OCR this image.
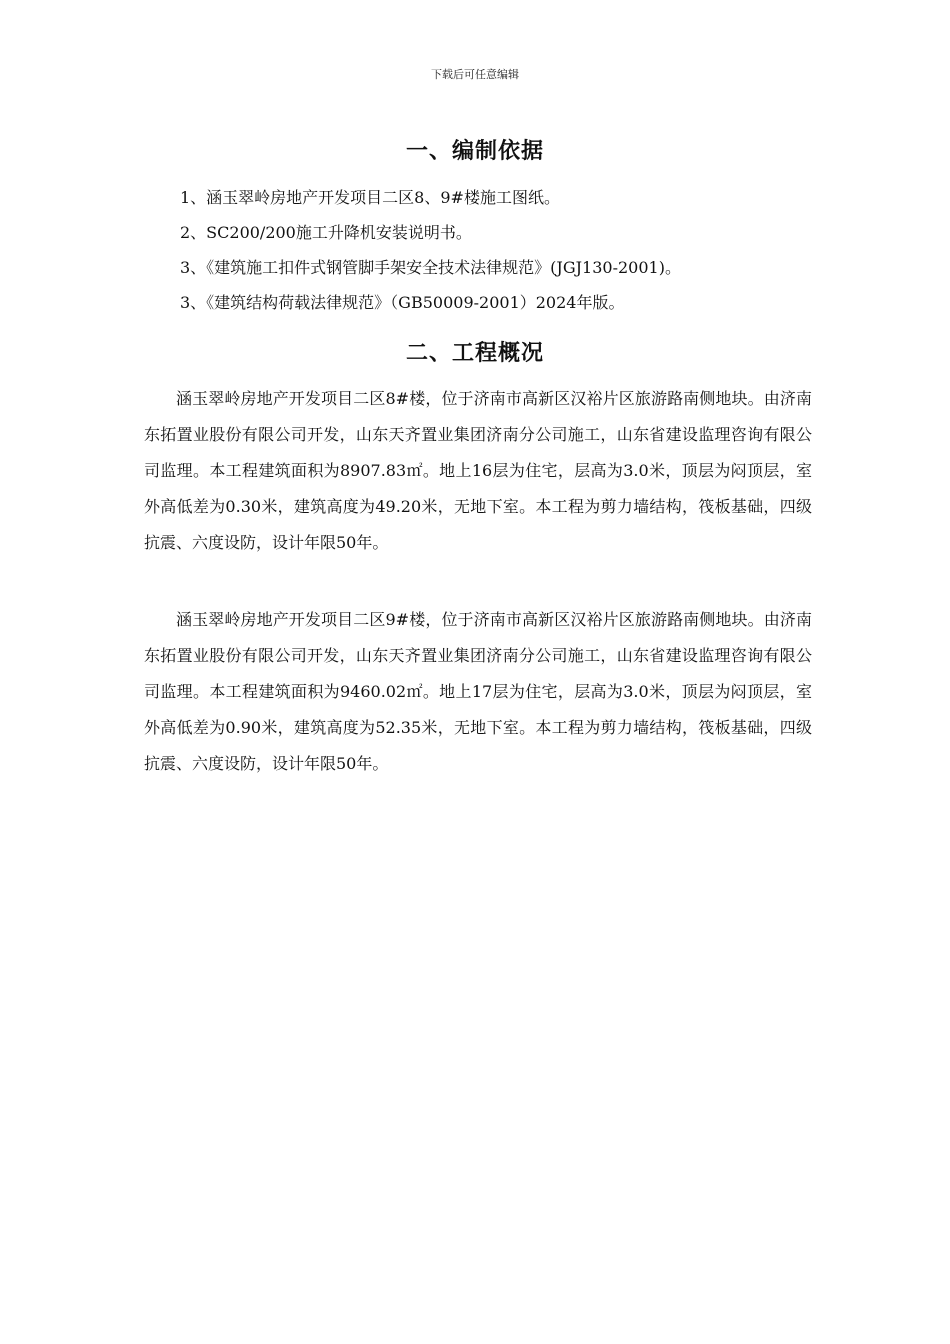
下载后可任意编辑
一、编制依据
1、涵玉翠岭房地产开发项目二区8、9#楼施工图纸。
2、SC200/200施工升降机安装说明书。
3、《建筑施工扣件式钢管脚手架安全技术法律规范》(JGJ130-2001)。
3、《建筑结构荷载法律规范》（GB50009-2001）2024年版。
二、工程概况

涵玉翠岭房地产开发项目二区8#楼，位于济南市高新区汉裕片区旅游路南侧地块。由济南东拓置业股份有限公司开发，山东天齐置业集团济南分公司施工，山东省建设监理咨询有限公司监理。本工程建筑面积为8907.83㎡。地上16层为住宅，层高为3.0米，顶层为闷顶层，室外高低差为0.30米，建筑高度为49.20米，无地下室。本工程为剪力墙结构，筏板基础，四级抗震、六度设防，设计年限50年。

涵玉翠岭房地产开发项目二区9#楼，位于济南市高新区汉裕片区旅游路南侧地块。由济南东拓置业股份有限公司开发，山东天齐置业集团济南分公司施工，山东省建设监理咨询有限公司监理。本工程建筑面积为9460.02㎡。地上17层为住宅，层高为3.0米，顶层为闷顶层，室外高低差为0.90米，建筑高度为52.35米，无地下室。本工程为剪力墙结构，筏板基础，四级抗震、六度设防，设计年限50年。
